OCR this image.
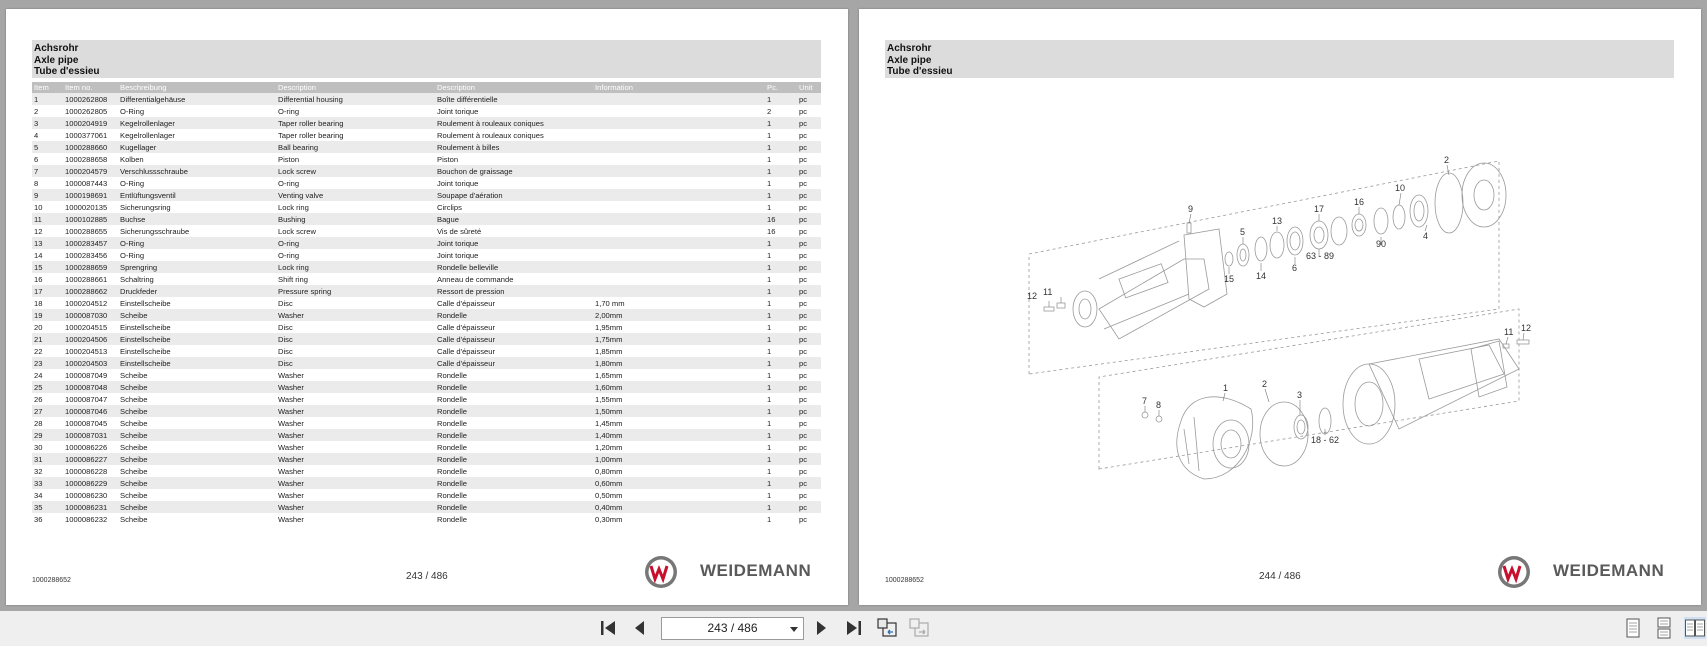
Achsrohr
Axle pipe
Tube d'essieu
Item	Item no.	Beschreibung	Description	Description	Information	Pc.	Unit
1	1000262808	Differentialgehäuse	Differential housing	Boîte différentielle		1	pc
2	1000262805	O-Ring	O-ring	Joint torique		2	pc
3	1000204919	Kegelrollenlager	Taper roller bearing	Roulement à rouleaux coniques		1	pc
4	1000377061	Kegelrollenlager	Taper roller bearing	Roulement à rouleaux coniques		1	pc
5	1000288660	Kugellager	Ball bearing	Roulement à billes		1	pc
6	1000288658	Kolben	Piston	Piston		1	pc
7	1000204579	Verschlussschraube	Lock screw	Bouchon de graissage		1	pc
8	1000087443	O-Ring	O-ring	Joint torique		1	pc
9	1000198691	Entlüftungsventil	Venting valve	Soupape d'aération		1	pc
10	1000020135	Sicherungsring	Lock ring	Circlips		1	pc
11	1000102885	Buchse	Bushing	Bague		16	pc
12	1000288655	Sicherungsschraube	Lock screw	Vis de sûreté		16	pc
13	1000283457	O-Ring	O-ring	Joint torique		1	pc
14	1000283456	O-Ring	O-ring	Joint torique		1	pc
15	1000288659	Sprengring	Lock ring	Rondelle belleville		1	pc
16	1000288661	Schaltring	Shift ring	Anneau de commande		1	pc
17	1000288662	Druckfeder	Pressure spring	Ressort de pression		1	pc
18	1000204512	Einstellscheibe	Disc	Calle d'épaisseur	1,70 mm	1	pc
19	1000087030	Scheibe	Washer	Rondelle	2,00mm	1	pc
20	1000204515	Einstellscheibe	Disc	Calle d'épaisseur	1,95mm	1	pc
21	1000204506	Einstellscheibe	Disc	Calle d'épaisseur	1,75mm	1	pc
22	1000204513	Einstellscheibe	Disc	Calle d'épaisseur	1,85mm	1	pc
23	1000204503	Einstellscheibe	Disc	Calle d'épaisseur	1,80mm	1	pc
24	1000087049	Scheibe	Washer	Rondelle	1,65mm	1	pc
25	1000087048	Scheibe	Washer	Rondelle	1,60mm	1	pc
26	1000087047	Scheibe	Washer	Rondelle	1,55mm	1	pc
27	1000087046	Scheibe	Washer	Rondelle	1,50mm	1	pc
28	1000087045	Scheibe	Washer	Rondelle	1,45mm	1	pc
29	1000087031	Scheibe	Washer	Rondelle	1,40mm	1	pc
30	1000086226	Scheibe	Washer	Rondelle	1,20mm	1	pc
31	1000086227	Scheibe	Washer	Rondelle	1,00mm	1	pc
32	1000086228	Scheibe	Washer	Rondelle	0,80mm	1	pc
33	1000086229	Scheibe	Washer	Rondelle	0,60mm	1	pc
34	1000086230	Scheibe	Washer	Rondelle	0,50mm	1	pc
35	1000086231	Scheibe	Washer	Rondelle	0,40mm	1	pc
36	1000086232	Scheibe	Washer	Rondelle	0,30mm	1	pc
1000288652	243 / 486	WEIDEMANN
Achsrohr
Axle pipe
Tube d'essieu
2
9
10
16
17
13
5
63 - 89
90
4
15 14
6
12 11
11 12
1	2
3
7 8
18 - 62
1000288652	244 / 486	WEIDEMANN
243 / 486
